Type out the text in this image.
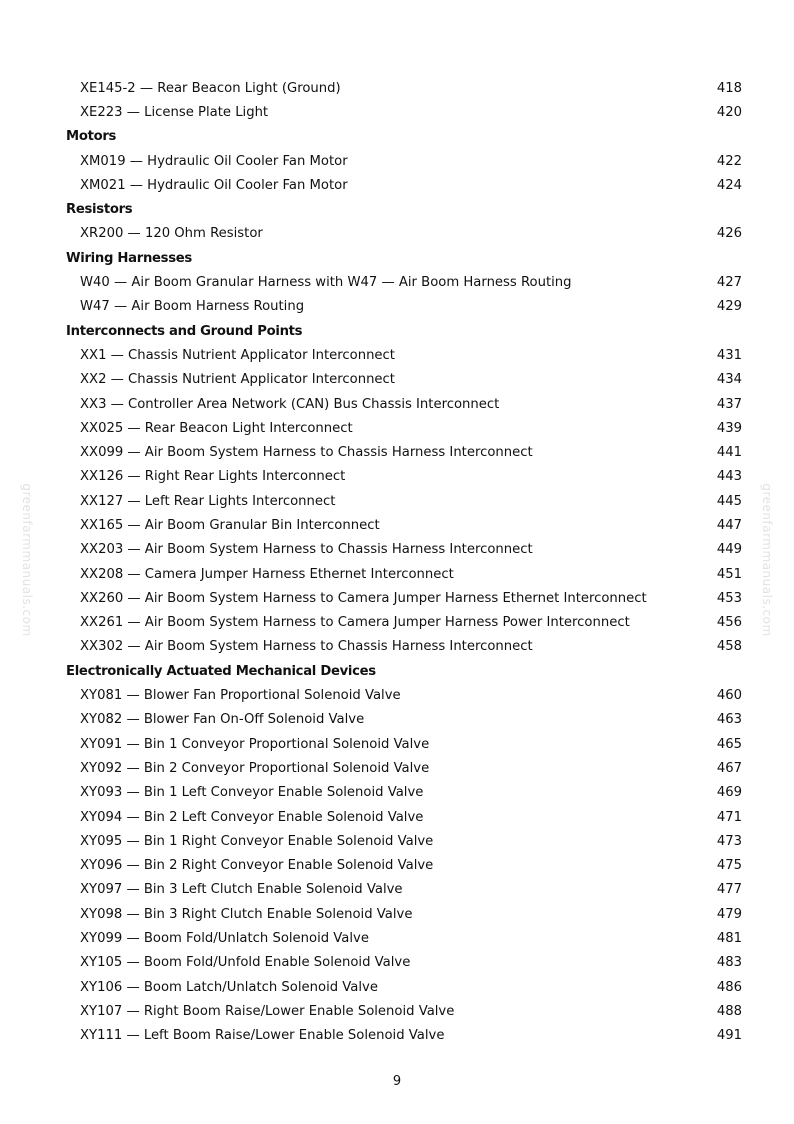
greenfarmmanuals.com	greenfarmmanuals.com
XE145-2 — Rear Beacon Light (Ground)	418
XE223 — License Plate Light	420
Motors
XM019 — Hydraulic Oil Cooler Fan Motor	422
XM021 — Hydraulic Oil Cooler Fan Motor	424
Resistors
XR200 — 120 Ohm Resistor	426
Wiring Harnesses
W40 — Air Boom Granular Harness with W47 — Air Boom Harness Routing	427
W47 — Air Boom Harness Routing	429
Interconnects and Ground Points
XX1 — Chassis Nutrient Applicator Interconnect	431
XX2 — Chassis Nutrient Applicator Interconnect	434
XX3 — Controller Area Network (CAN) Bus Chassis Interconnect	437
XX025 — Rear Beacon Light Interconnect	439
XX099 — Air Boom System Harness to Chassis Harness Interconnect	441
XX126 — Right Rear Lights Interconnect	443
XX127 — Left Rear Lights Interconnect	445
XX165 — Air Boom Granular Bin Interconnect	447
XX203 — Air Boom System Harness to Chassis Harness Interconnect	449
XX208 — Camera Jumper Harness Ethernet Interconnect	451
XX260 — Air Boom System Harness to Camera Jumper Harness Ethernet Interconnect	453
XX261 — Air Boom System Harness to Camera Jumper Harness Power Interconnect	456
XX302 — Air Boom System Harness to Chassis Harness Interconnect	458
Electronically Actuated Mechanical Devices
XY081 — Blower Fan Proportional Solenoid Valve	460
XY082 — Blower Fan On-Off Solenoid Valve	463
XY091 — Bin 1 Conveyor Proportional Solenoid Valve	465
XY092 — Bin 2 Conveyor Proportional Solenoid Valve	467
XY093 — Bin 1 Left Conveyor Enable Solenoid Valve	469
XY094 — Bin 2 Left Conveyor Enable Solenoid Valve	471
XY095 — Bin 1 Right Conveyor Enable Solenoid Valve	473
XY096 — Bin 2 Right Conveyor Enable Solenoid Valve	475
XY097 — Bin 3 Left Clutch Enable Solenoid Valve	477
XY098 — Bin 3 Right Clutch Enable Solenoid Valve	479
XY099 — Boom Fold/Unlatch Solenoid Valve	481
XY105 — Boom Fold/Unfold Enable Solenoid Valve	483
XY106 — Boom Latch/Unlatch Solenoid Valve	486
XY107 — Right Boom Raise/Lower Enable Solenoid Valve	488
XY111 — Left Boom Raise/Lower Enable Solenoid Valve	491
9
